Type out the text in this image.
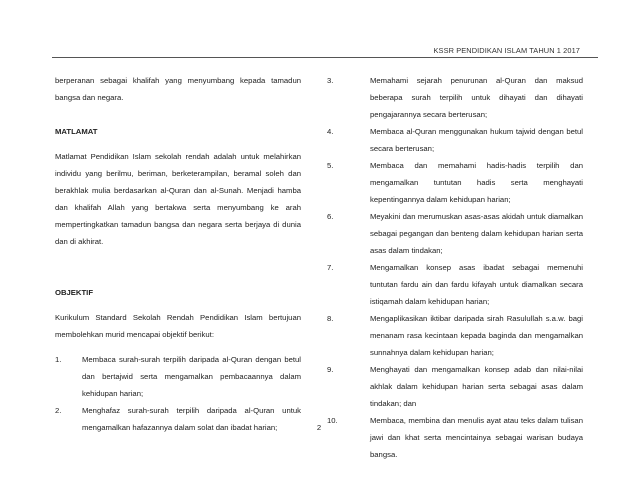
KSSR PENDIDIKAN ISLAM TAHUN 1 2017

berperanan sebagai khalifah yang menyumbang kepada tamadun bangsa dan negara.

MATLAMAT

Matlamat Pendidikan Islam sekolah rendah adalah untuk melahirkan individu yang berilmu, beriman, berketerampilan, beramal soleh dan berakhlak mulia berdasarkan al-Quran dan al-Sunah. Menjadi hamba dan khalifah Allah yang bertakwa serta menyumbang ke arah mempertingkatkan tamadun bangsa dan negara serta berjaya di dunia dan di akhirat.

OBJEKTIF

Kurikulum Standard Sekolah Rendah Pendidikan Islam bertujuan membolehkan murid mencapai objektif berikut:

1.	Membaca surah-surah terpilih daripada al-Quran dengan betul dan bertajwid serta mengamalkan pembacaannya dalam kehidupan harian;
2.	Menghafaz surah-surah terpilih daripada al-Quran untuk mengamalkan hafazannya dalam solat dan ibadat harian;
3.	Memahami sejarah penurunan al-Quran dan maksud beberapa surah terpilih untuk dihayati dan dihayati pengajarannya secara berterusan;
4.	Membaca al-Quran menggunakan hukum tajwid dengan betul secara berterusan;
5.	Membaca dan memahami hadis-hadis terpilih dan mengamalkan tuntutan hadis serta menghayati kepentingannya dalam kehidupan harian;
6.	Meyakini dan merumuskan asas-asas akidah untuk diamalkan sebagai pegangan dan benteng dalam kehidupan harian serta asas dalam tindakan;
7.	Mengamalkan konsep asas ibadat sebagai memenuhi tuntutan fardu ain dan fardu kifayah untuk diamalkan secara istiqamah dalam kehidupan harian;
8.	Mengaplikasikan iktibar daripada sirah Rasulullah s.a.w. bagi menanam rasa kecintaan kepada baginda dan mengamalkan sunnahnya dalam kehidupan harian;
9.	Menghayati dan mengamalkan konsep adab dan nilai-nilai akhlak dalam kehidupan harian serta sebagai asas dalam tindakan; dan
10.	Membaca, membina dan menulis ayat atau teks dalam tulisan jawi dan khat serta mencintainya sebagai warisan budaya bangsa.
2
